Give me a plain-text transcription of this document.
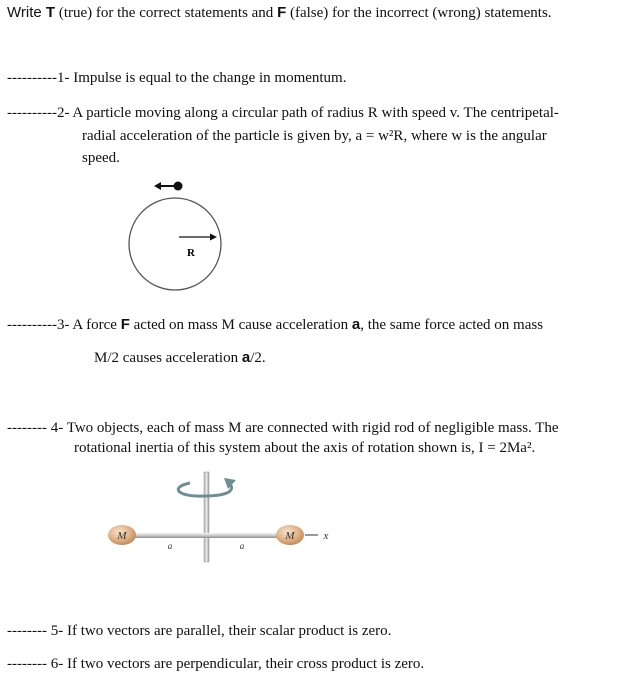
Write T (true) for the correct statements and F (false) for the incorrect (wrong) statements.
----------1- Impulse is equal to the change in momentum.
----------2- A particle moving along a circular path of radius R with speed v. The centripetal-
radial acceleration of the particle is given by, a = w²R, where w is the angular
speed.
R
----------3- A force F acted on mass M cause acceleration a, the same force acted on mass
M/2 causes acceleration a/2.
-------- 4- Two objects, each of mass M are connected with rigid rod of negligible mass. The
rotational inertia of this system about the axis of rotation shown is, I = 2Ma².
M	M
a	a
x
-------- 5- If two vectors are parallel, their scalar product is zero.
-------- 6- If two vectors are perpendicular, their cross product is zero.
